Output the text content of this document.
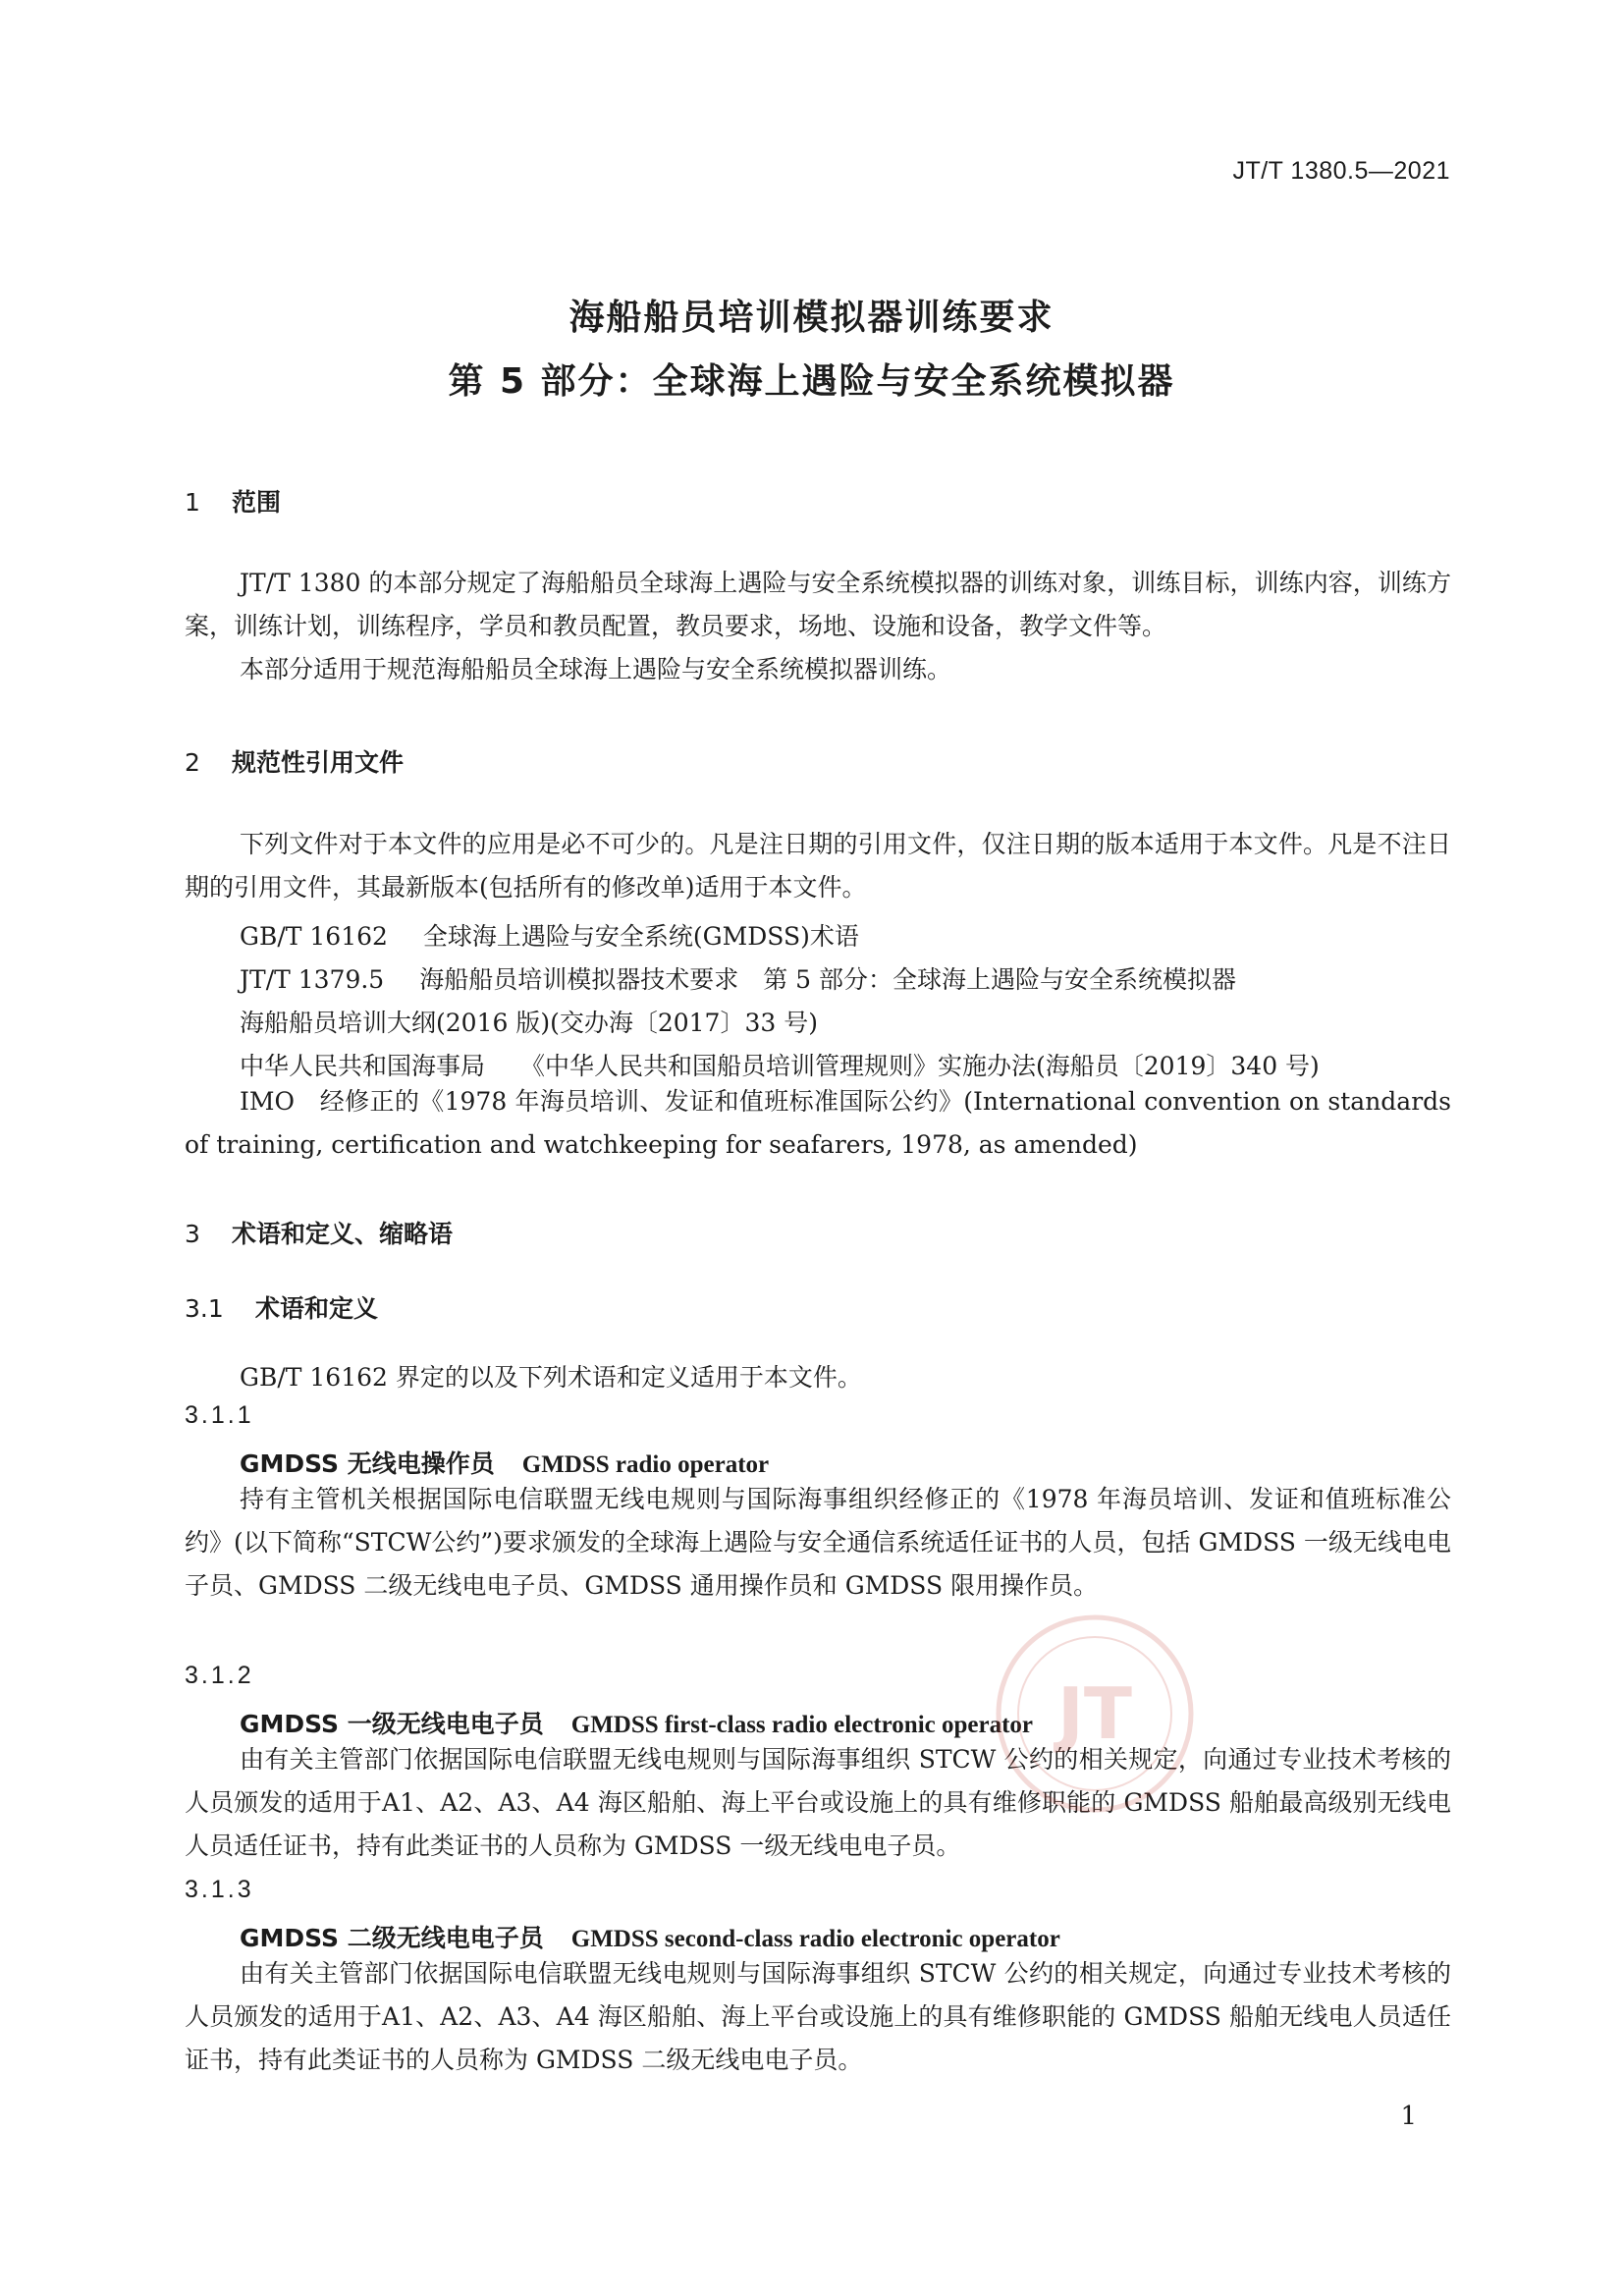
JT/T 1380.5—2021
海船船员培训模拟器训练要求
第 5 部分：全球海上遇险与安全系统模拟器
1 范围
JT/T 1380 的本部分规定了海船船员全球海上遇险与安全系统模拟器的训练对象，训练目标，训练内容，训练方案，训练计划，训练程序，学员和教员配置，教员要求，场地、设施和设备，教学文件等。
本部分适用于规范海船船员全球海上遇险与安全系统模拟器训练。
2 规范性引用文件
下列文件对于本文件的应用是必不可少的。凡是注日期的引用文件，仅注日期的版本适用于本文件。凡是不注日期的引用文件，其最新版本(包括所有的修改单)适用于本文件。
GB/T 16162 全球海上遇险与安全系统(GMDSS)术语
JT/T 1379.5 海船船员培训模拟器技术要求　第 5 部分：全球海上遇险与安全系统模拟器
海船船员培训大纲(2016 版)(交办海〔2017〕33 号)
中华人民共和国海事局 《中华人民共和国船员培训管理规则》实施办法(海船员〔2019〕340 号)
IMO　经修正的《1978 年海员培训、发证和值班标准国际公约》(International convention on standards of training, certification and watchkeeping for seafarers, 1978, as amended)
3 术语和定义、缩略语
3.1 术语和定义
GB/T 16162 界定的以及下列术语和定义适用于本文件。
3.1.1
GMDSS 无线电操作员 GMDSS radio operator
持有主管机关根据国际电信联盟无线电规则与国际海事组织经修正的《1978 年海员培训、发证和值班标准公约》(以下简称“STCW公约”)要求颁发的全球海上遇险与安全通信系统适任证书的人员，包括 GMDSS 一级无线电电子员、GMDSS 二级无线电电子员、GMDSS 通用操作员和 GMDSS 限用操作员。
3.1.2
GMDSS 一级无线电电子员 GMDSS first-class radio electronic operator
由有关主管部门依据国际电信联盟无线电规则与国际海事组织 STCW 公约的相关规定，向通过专业技术考核的人员颁发的适用于A1、A2、A3、A4 海区船舶、海上平台或设施上的具有维修职能的 GMDSS 船舶最高级别无线电人员适任证书，持有此类证书的人员称为 GMDSS 一级无线电电子员。
3.1.3
GMDSS 二级无线电电子员 GMDSS second-class radio electronic operator
由有关主管部门依据国际电信联盟无线电规则与国际海事组织 STCW 公约的相关规定，向通过专业技术考核的人员颁发的适用于A1、A2、A3、A4 海区船舶、海上平台或设施上的具有维修职能的 GMDSS 船舶无线电人员适任证书，持有此类证书的人员称为 GMDSS 二级无线电电子员。
JT
1
